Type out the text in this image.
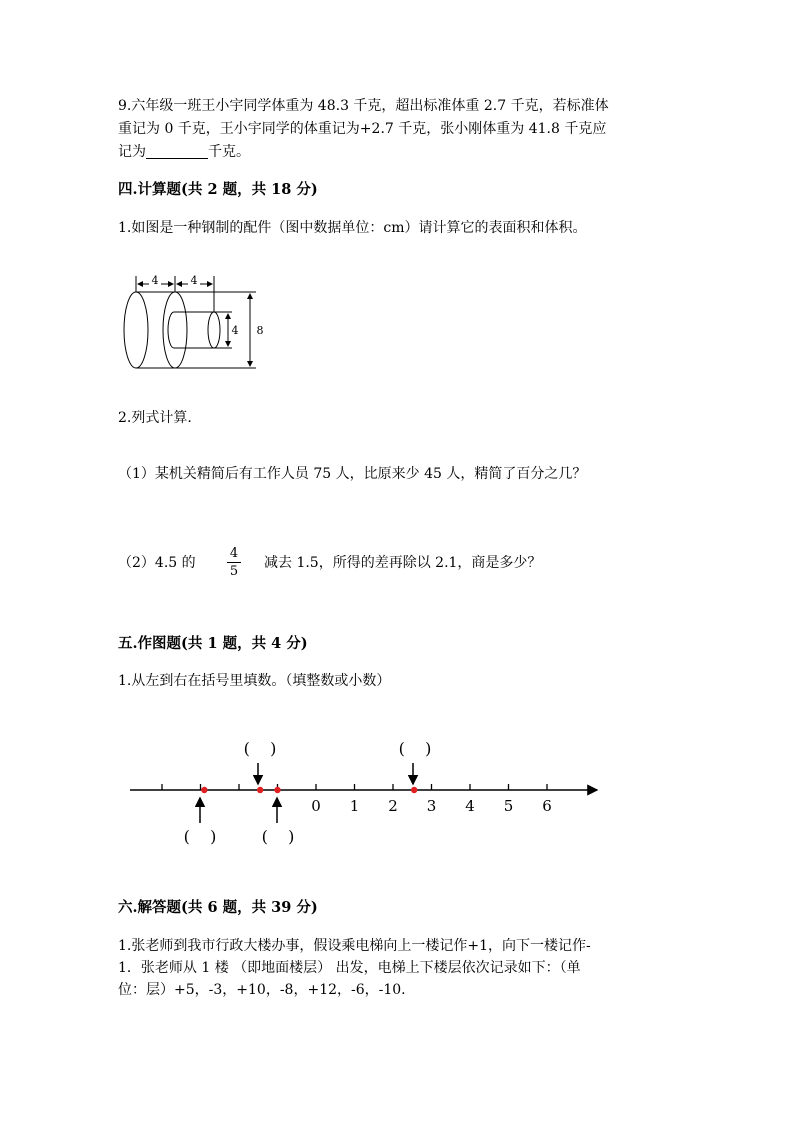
9.六年级一班王小宇同学体重为 48.3 千克，超出标准体重 2.7 千克，若标准体
重记为 0 千克，王小宇同学的体重记为+2.7 千克，张小刚体重为 41.8 千克应
记为	千克。
四.计算题(共 2 题，共 18 分)
1.如图是一种钢制的配件（图中数据单位：cm）请计算它的表面积和体积。
4	4
4 8
2.列式计算.
（1）某机关精简后有工作人员 75 人，比原来少 45 人，精简了百分之几？
（2）4.5 的
4
5
减去 1.5，所得的差再除以 2.1，商是多少？
五.作图题(共 1 题，共 4 分)
1.从左到右在括号里填数。（填整数或小数）
0 1 2 3 4 5 6
(    )	(    )
(    )	(    )
六.解答题(共 6 题，共 39 分)
1.张老师到我市行政大楼办事，假设乘电梯向上一楼记作+1，向下一楼记作-
1．张老师从 1 楼 （即地面楼层） 出发，电梯上下楼层依次记录如下：（单
位：层）+5，-3，+10，-8，+12，-6，-10.
